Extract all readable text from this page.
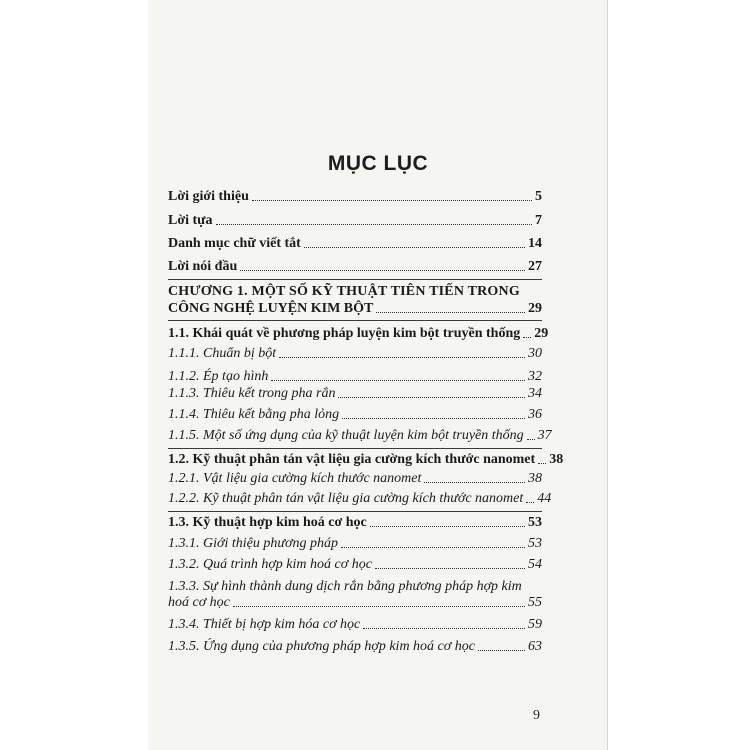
MỤC LỤC
Lời giới thiệu	5
Lời tựa	7
Danh mục chữ viết tắt	14
Lời nói đầu	27
CHƯƠNG 1. MỘT SỐ KỸ THUẬT TIÊN TIẾN TRONG
CÔNG NGHỆ LUYỆN KIM BỘT	29
1.1. Khái quát về phương pháp luyện kim bột truyền thống 29
1.1.1. Chuẩn bị bột	30
1.1.2. Ép tạo hình	32
1.1.3. Thiêu kết trong pha rắn	34
1.1.4. Thiêu kết bằng pha lỏng	36
1.1.5. Một số ứng dụng của kỹ thuật luyện kim bột truyền thống 37
1.2. Kỹ thuật phân tán vật liệu gia cường kích thước nanomet 38
1.2.1. Vật liệu gia cường kích thước nanomet	38
1.2.2. Kỹ thuật phân tán vật liệu gia cường kích thước nanomet 44
1.3. Kỹ thuật hợp kim hoá cơ học	53
1.3.1. Giới thiệu phương pháp	53
1.3.2. Quá trình hợp kim hoá cơ học	54
1.3.3. Sự hình thành dung dịch rắn bằng phương pháp hợp kim
hoá cơ học	55
1.3.4. Thiết bị hợp kim hóa cơ học	59
1.3.5. Ứng dụng của phương pháp hợp kim hoá cơ học	63
9
